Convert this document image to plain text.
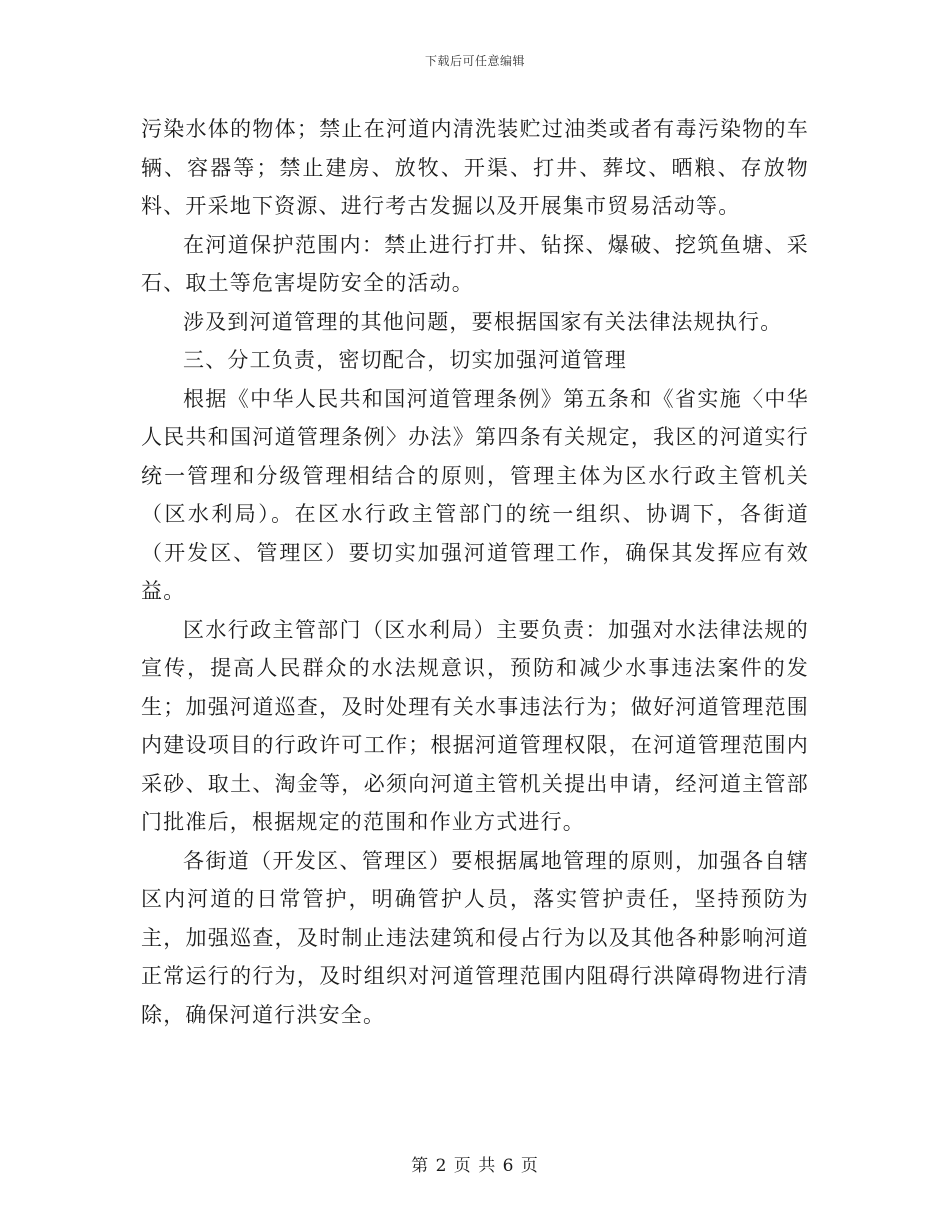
下载后可任意编辑

污染水体的物体；禁止在河道内清洗装贮过油类或者有毒污染物的车辆、容器等；禁止建房、放牧、开渠、打井、葬坟、晒粮、存放物料、开采地下资源、进行考古发掘以及开展集市贸易活动等。

在河道保护范围内：禁止进行打井、钻探、爆破、挖筑鱼塘、采石、取土等危害堤防安全的活动。

涉及到河道管理的其他问题，要根据国家有关法律法规执行。

三、分工负责，密切配合，切实加强河道管理

根据《中华人民共和国河道管理条例》第五条和《省实施〈中华人民共和国河道管理条例〉办法》第四条有关规定，我区的河道实行统一管理和分级管理相结合的原则，管理主体为区水行政主管机关（区水利局）。在区水行政主管部门的统一组织、协调下，各街道（开发区、管理区）要切实加强河道管理工作，确保其发挥应有效益。

区水行政主管部门（区水利局）主要负责：加强对水法律法规的宣传，提高人民群众的水法规意识，预防和减少水事违法案件的发生；加强河道巡查，及时处理有关水事违法行为；做好河道管理范围内建设项目的行政许可工作；根据河道管理权限，在河道管理范围内采砂、取土、淘金等，必须向河道主管机关提出申请，经河道主管部门批准后，根据规定的范围和作业方式进行。

各街道（开发区、管理区）要根据属地管理的原则，加强各自辖区内河道的日常管护，明确管护人员，落实管护责任，坚持预防为主，加强巡查，及时制止违法建筑和侵占行为以及其他各种影响河道正常运行的行为，及时组织对河道管理范围内阻碍行洪障碍物进行清除，确保河道行洪安全。

第 2 页 共 6 页
